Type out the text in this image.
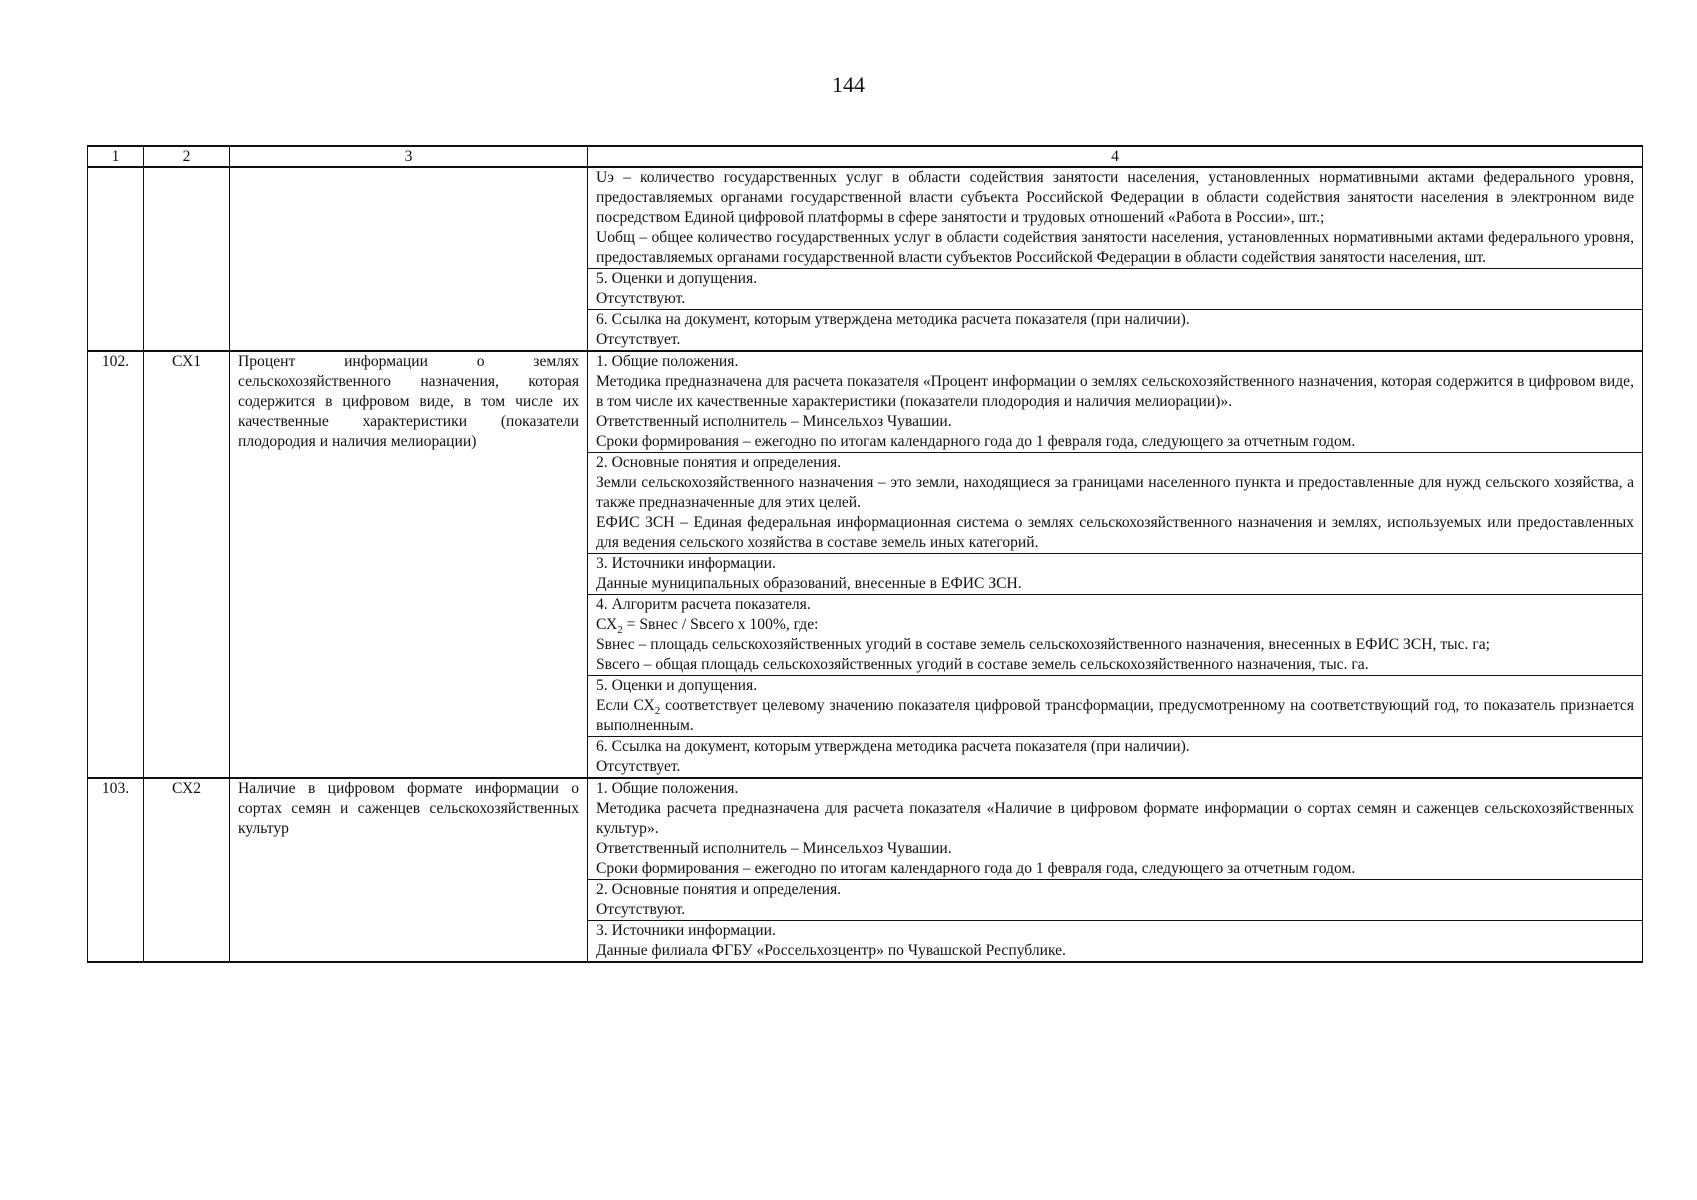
144
1	2	3	4

			Uэ – количество государственных услуг в области содействия занятости населения, установленных нормативными актами федерального уровня, предоставляемых органами государственной власти субъекта Российской Федерации в области содействия занятости населения в электронном виде посредством Единой цифровой платформы в сфере занятости и трудовых отношений «Работа в России», шт.;
Uобщ – общее количество государственных услуг в области содействия занятости населения, установленных нормативными актами федерального уровня, предоставляемых органами государственной власти субъектов Российской Федерации в области содействия занятости населения, шт.

			5. Оценки и допущения.
Отсутствуют.

			6. Ссылка на документ, которым утверждена методика расчета показателя (при наличии).
Отсутствует.

102.	СХ1	Процент информации о землях сельскохозяйственного назначения, которая содержится в цифровом виде, в том числе их качественные характеристики (показатели плодородия и наличия мелиорации)	1. Общие положения.
Методика предназначена для расчета показателя «Процент информации о землях сельскохозяйственного назначения, которая содержится в цифровом виде, в том числе их качественные характеристики (показатели плодородия и наличия мелиорации)».
Ответственный исполнитель – Минсельхоз Чувашии.
Сроки формирования – ежегодно по итогам календарного года до 1 февраля года, следующего за отчетным годом.

			2. Основные понятия и определения.
Земли сельскохозяйственного назначения – это земли, находящиеся за границами населенного пункта и предоставленные для нужд сельского хозяйства, а также предназначенные для этих целей.
ЕФИС ЗСН – Единая федеральная информационная система о землях сельскохозяйственного назначения и землях, используемых или предоставленных для ведения сельского хозяйства в составе земель иных категорий.

			3. Источники информации.
Данные муниципальных образований, внесенные в ЕФИС ЗСН.

			4. Алгоритм расчета показателя.
$СХ_2$ = Sвнес / Sвсего х 100%, где:
Sвнес – площадь сельскохозяйственных угодий в составе земель сельскохозяйственного назначения, внесенных в ЕФИС ЗСН, тыс. га;
Sвсего – общая площадь сельскохозяйственных угодий в составе земель сельскохозяйственного назначения, тыс. га.

			5. Оценки и допущения.
Если $СХ_2$ соответствует целевому значению показателя цифровой трансформации, предусмотренному на соответствующий год, то показатель признается выполненным.

			6. Ссылка на документ, которым утверждена методика расчета показателя (при наличии).
Отсутствует.

103.	СХ2	Наличие в цифровом формате информации о сортах семян и саженцев сельскохозяйственных культур	1. Общие положения.
Методика расчета предназначена для расчета показателя «Наличие в цифровом формате информации о сортах семян и саженцев сельскохозяйственных культур».
Ответственный исполнитель – Минсельхоз Чувашии.
Сроки формирования – ежегодно по итогам календарного года до 1 февраля года, следующего за отчетным годом.

			2. Основные понятия и определения.
Отсутствуют.

			3. Источники информации.
Данные филиала ФГБУ «Россельхозцентр» по Чувашской Республике.
